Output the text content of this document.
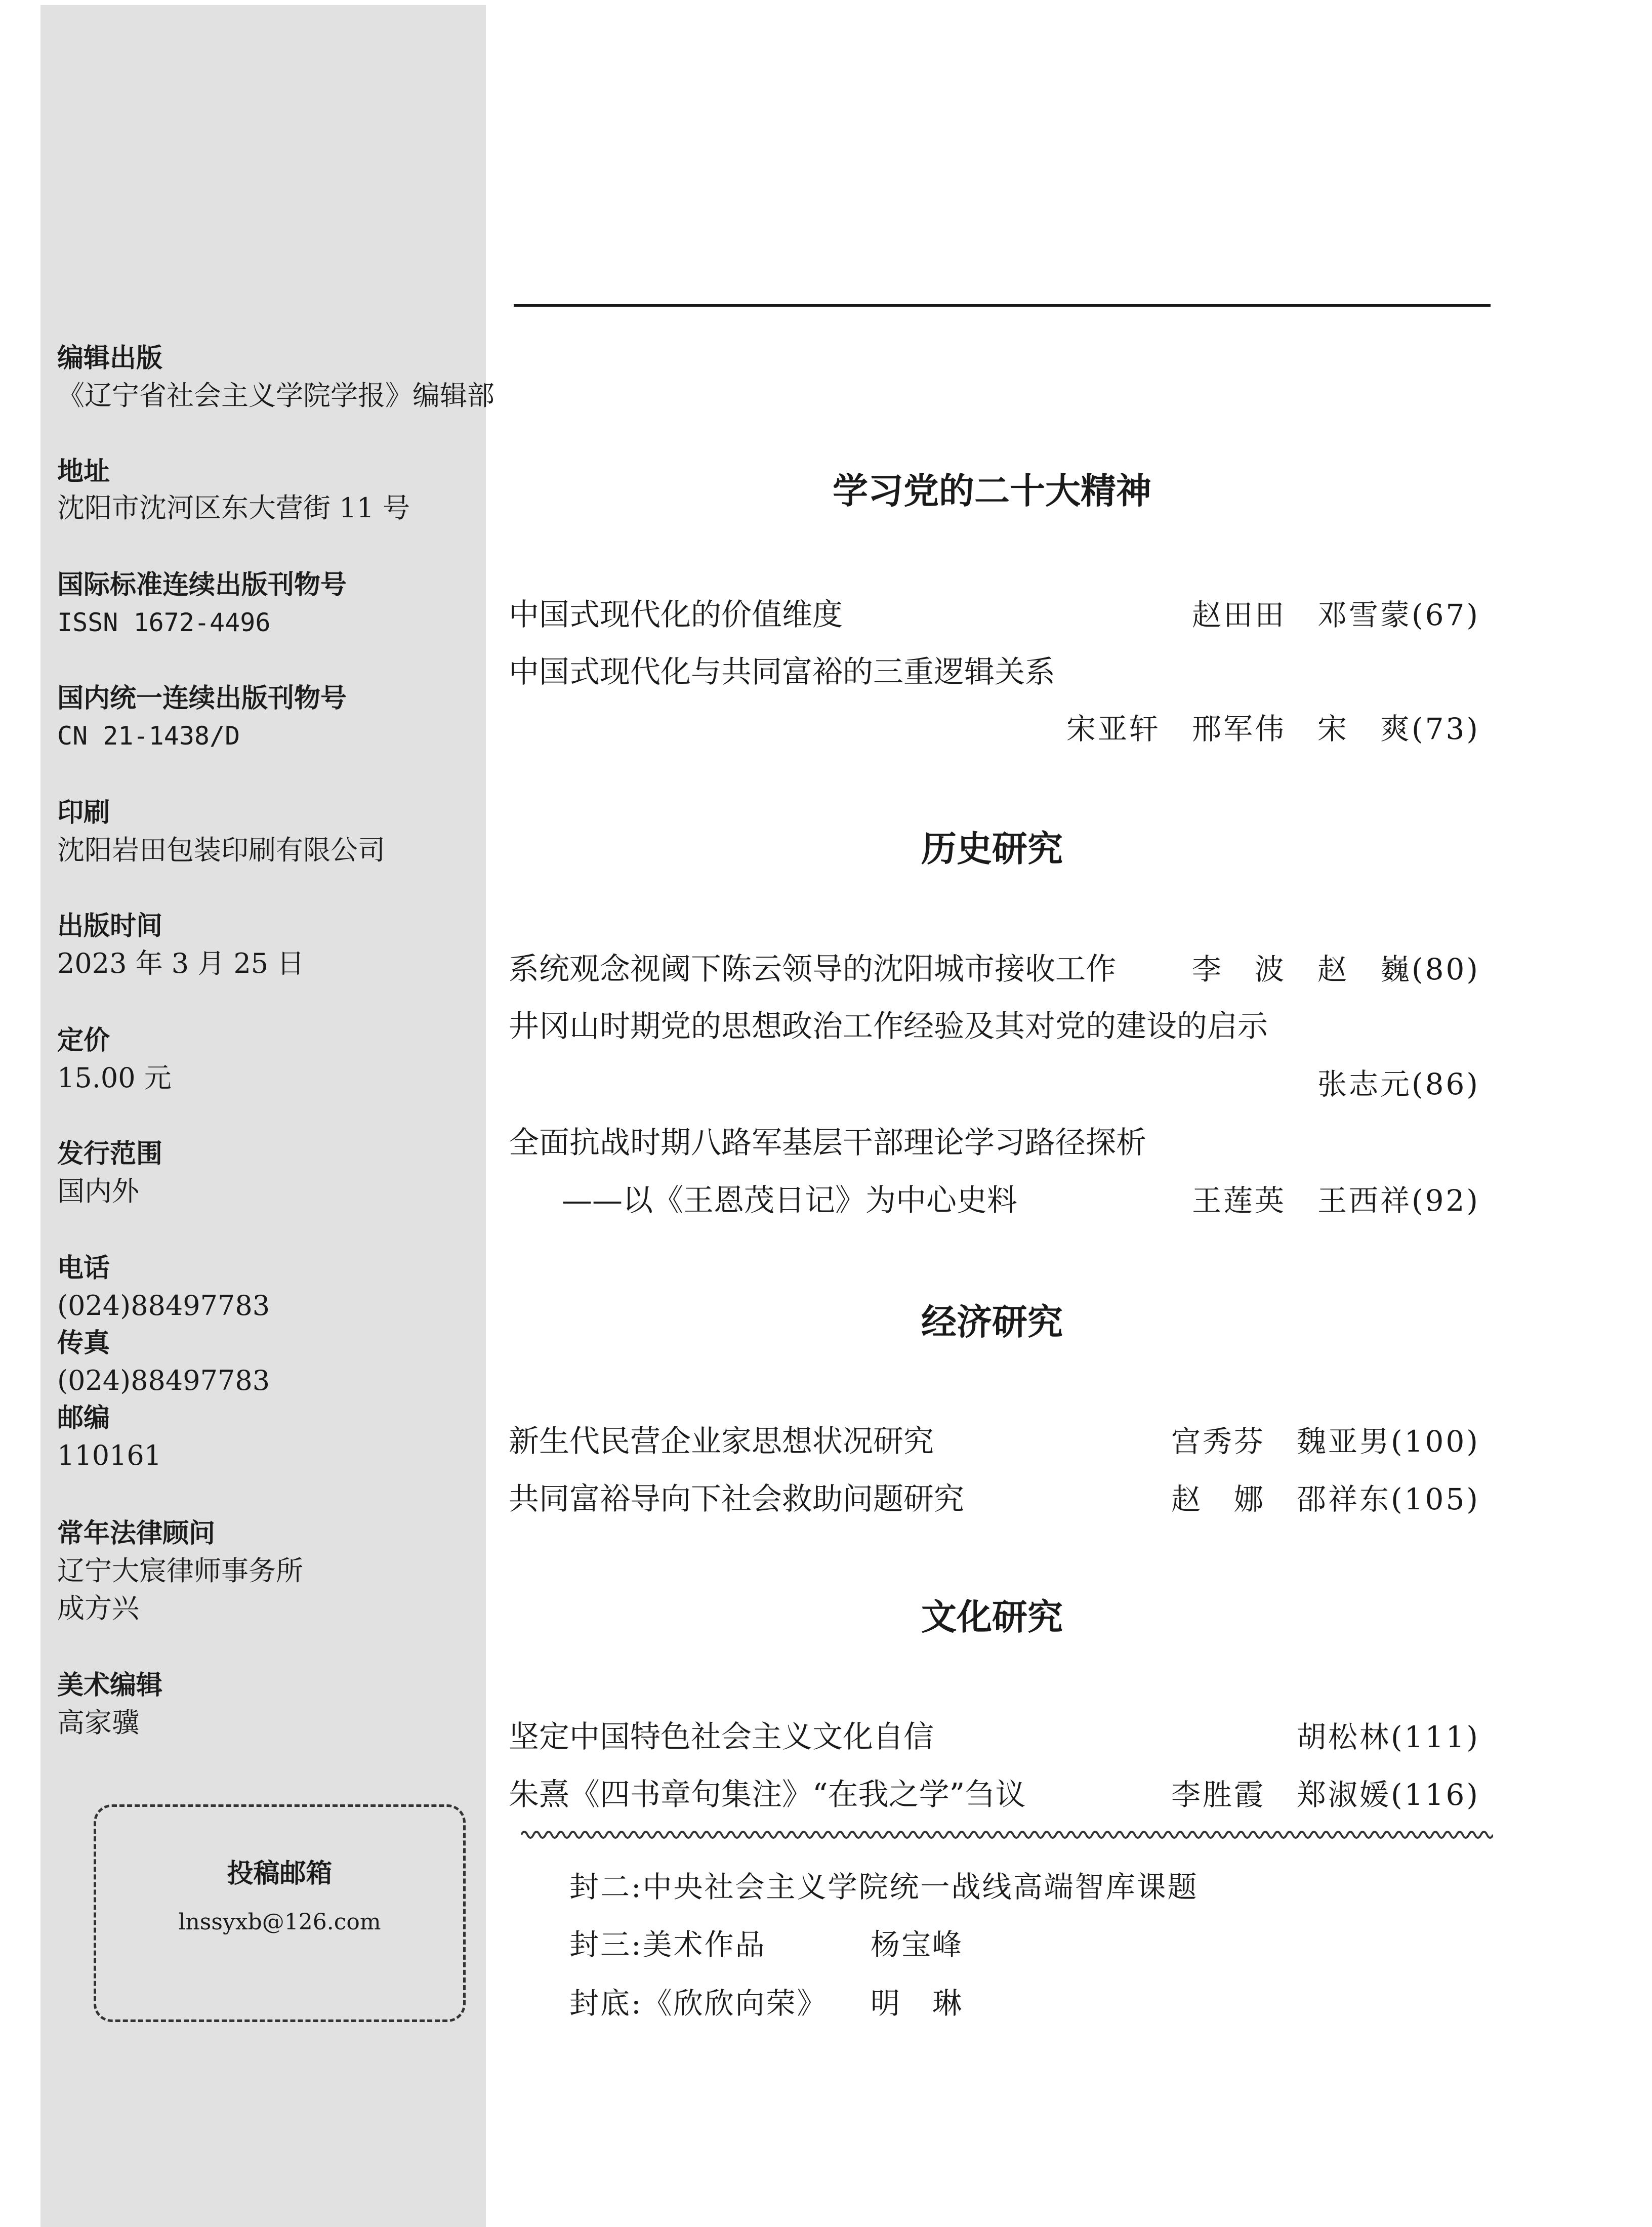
编辑出版
《辽宁省社会主义学院学报》编辑部
地址
沈阳市沈河区东大营街 11 号
国际标准连续出版刊物号
ISSN 1672-4496
国内统一连续出版刊物号
CN 21-1438/D
印刷
沈阳岩田包装印刷有限公司
出版时间
2023 年 3 月 25 日
定价
15.00 元
发行范围
国内外
电话
(024)88497783
传真
(024)88497783
邮编
110161
常年法律顾问
辽宁大宸律师事务所
成方兴
美术编辑
高家骥
投稿邮箱
lnssyxb@126.com
学习党的二十大精神
中国式现代化的价值维度	赵田田　邓雪蒙(67)
中国式现代化与共同富裕的三重逻辑关系
宋亚轩　邢军伟　宋　爽(73)
历史研究
系统观念视阈下陈云领导的沈阳城市接收工作	李　波　赵　巍(80)
井冈山时期党的思想政治工作经验及其对党的建设的启示
张志元(86)
全面抗战时期八路军基层干部理论学习路径探析
——以《王恩茂日记》为中心史料	王莲英　王西祥(92)
经济研究
新生代民营企业家思想状况研究	宫秀芬　魏亚男(100)
共同富裕导向下社会救助问题研究	赵　娜　邵祥东(105)
文化研究
坚定中国特色社会主义文化自信	胡松林(111)
朱熹《四书章句集注》“在我之学”刍议	李胜霞　郑淑媛(116)
封二:中央社会主义学院统一战线高端智库课题
封三:美术作品	杨宝峰
封底:《欣欣向荣》 明　琳
